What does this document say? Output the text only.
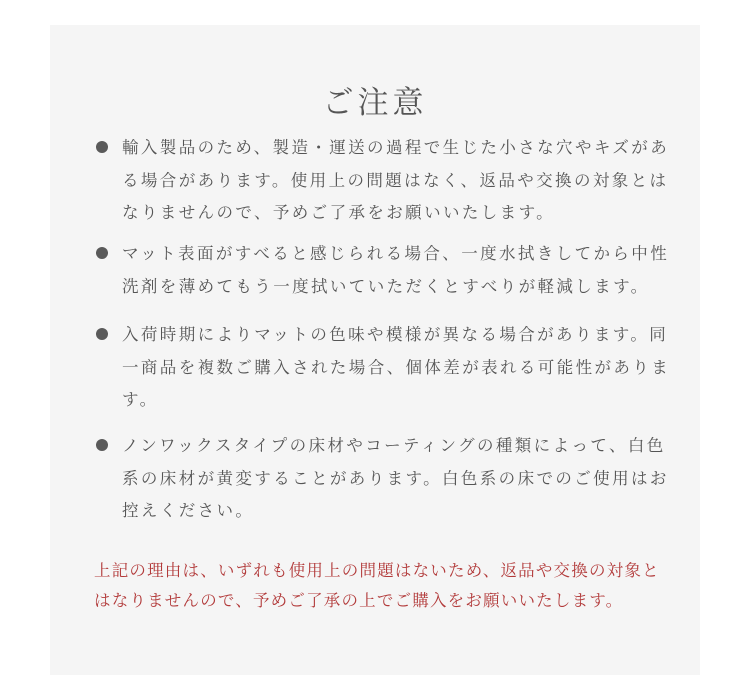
ご注意

輸入製品のため、製造・運送の過程で生じた小さな穴やキズがある場合があります。使用上の問題はなく、返品や交換の対象とはなりませんので、予めご了承をお願いいたします。

マット表面がすべると感じられる場合、一度水拭きしてから中性洗剤を薄めてもう一度拭いていただくとすべりが軽減します。

入荷時期によりマットの色味や模様が異なる場合があります。同一商品を複数ご購入された場合、個体差が表れる可能性があります。

ノンワックスタイプの床材やコーティングの種類によって、白色系の床材が黄変することがあります。白色系の床でのご使用はお控えください。

上記の理由は、いずれも使用上の問題はないため、返品や交換の対象とはなりませんので、予めご了承の上でご購入をお願いいたします。
